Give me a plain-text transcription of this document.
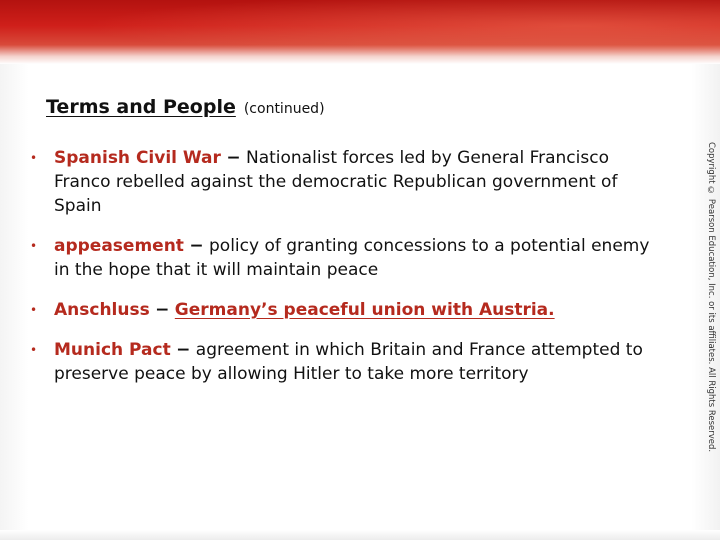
Terms and People (continued)
• Spanish Civil War − Nationalist forces led by General Francisco Franco rebelled against the democratic Republican government of Spain
• appeasement − policy of granting concessions to a potential enemy in the hope that it will maintain peace
• Anschluss − Germany’s peaceful union with Austria.
• Munich Pact − agreement in which Britain and France attempted to preserve peace by allowing Hitler to take more territory	Copyright © Pearson Education, Inc. or its affiliates. All Rights Reserved.
